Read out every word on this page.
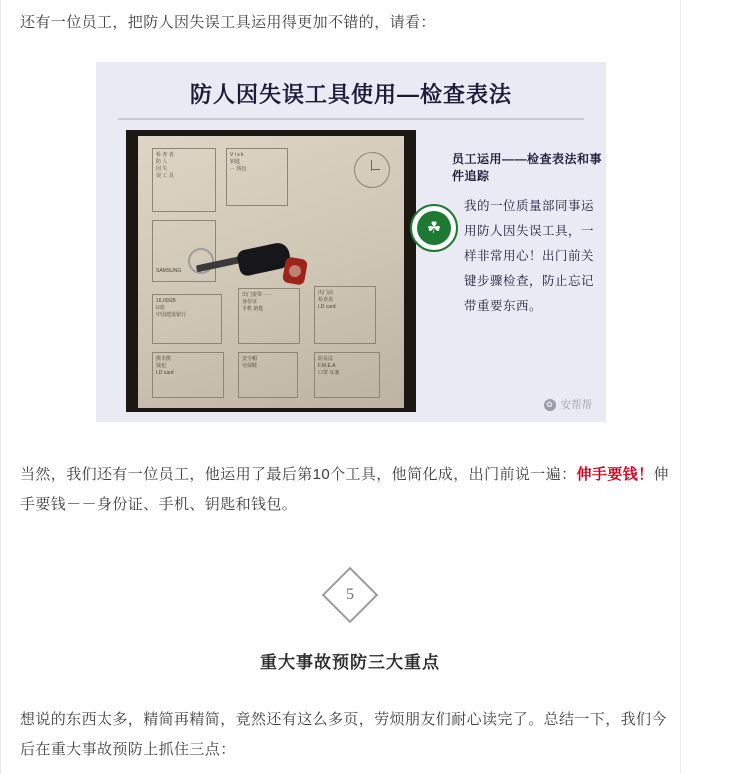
还有一位员工，把防人因失误工具运用得更加不错的，请看：
防人因失误工具使用—检查表法
检 查 表
防 人
因 失
误 工 具
V i s k
钥匙
－ 钱包
SAMSUNG
16.00GB
U盘
中国建设银行
出门要带－－
身份证
手机 钥匙
出门前
检查表
I.D card
熊本熊
钱包
I.D card
安全帽
劳保鞋
防呆法
F.M.E.A
口罩 耳塞
☘
员工运用——检查表法和事件追踪
我的一位质量部同事运用防人因失误工具，一样非常用心！出门前关键步骤检查，防止忘记带重要东西。
✿ 安帮帮
当然，我们还有一位员工，他运用了最后第10个工具，他简化成，出门前说一遍：伸手要钱！伸手要钱－－身份证、手机、钥匙和钱包。
5
重大事故预防三大重点
想说的东西太多，精简再精简，竟然还有这么多页，劳烦朋友们耐心读完了。总结一下，我们今后在重大事故预防上抓住三点：
